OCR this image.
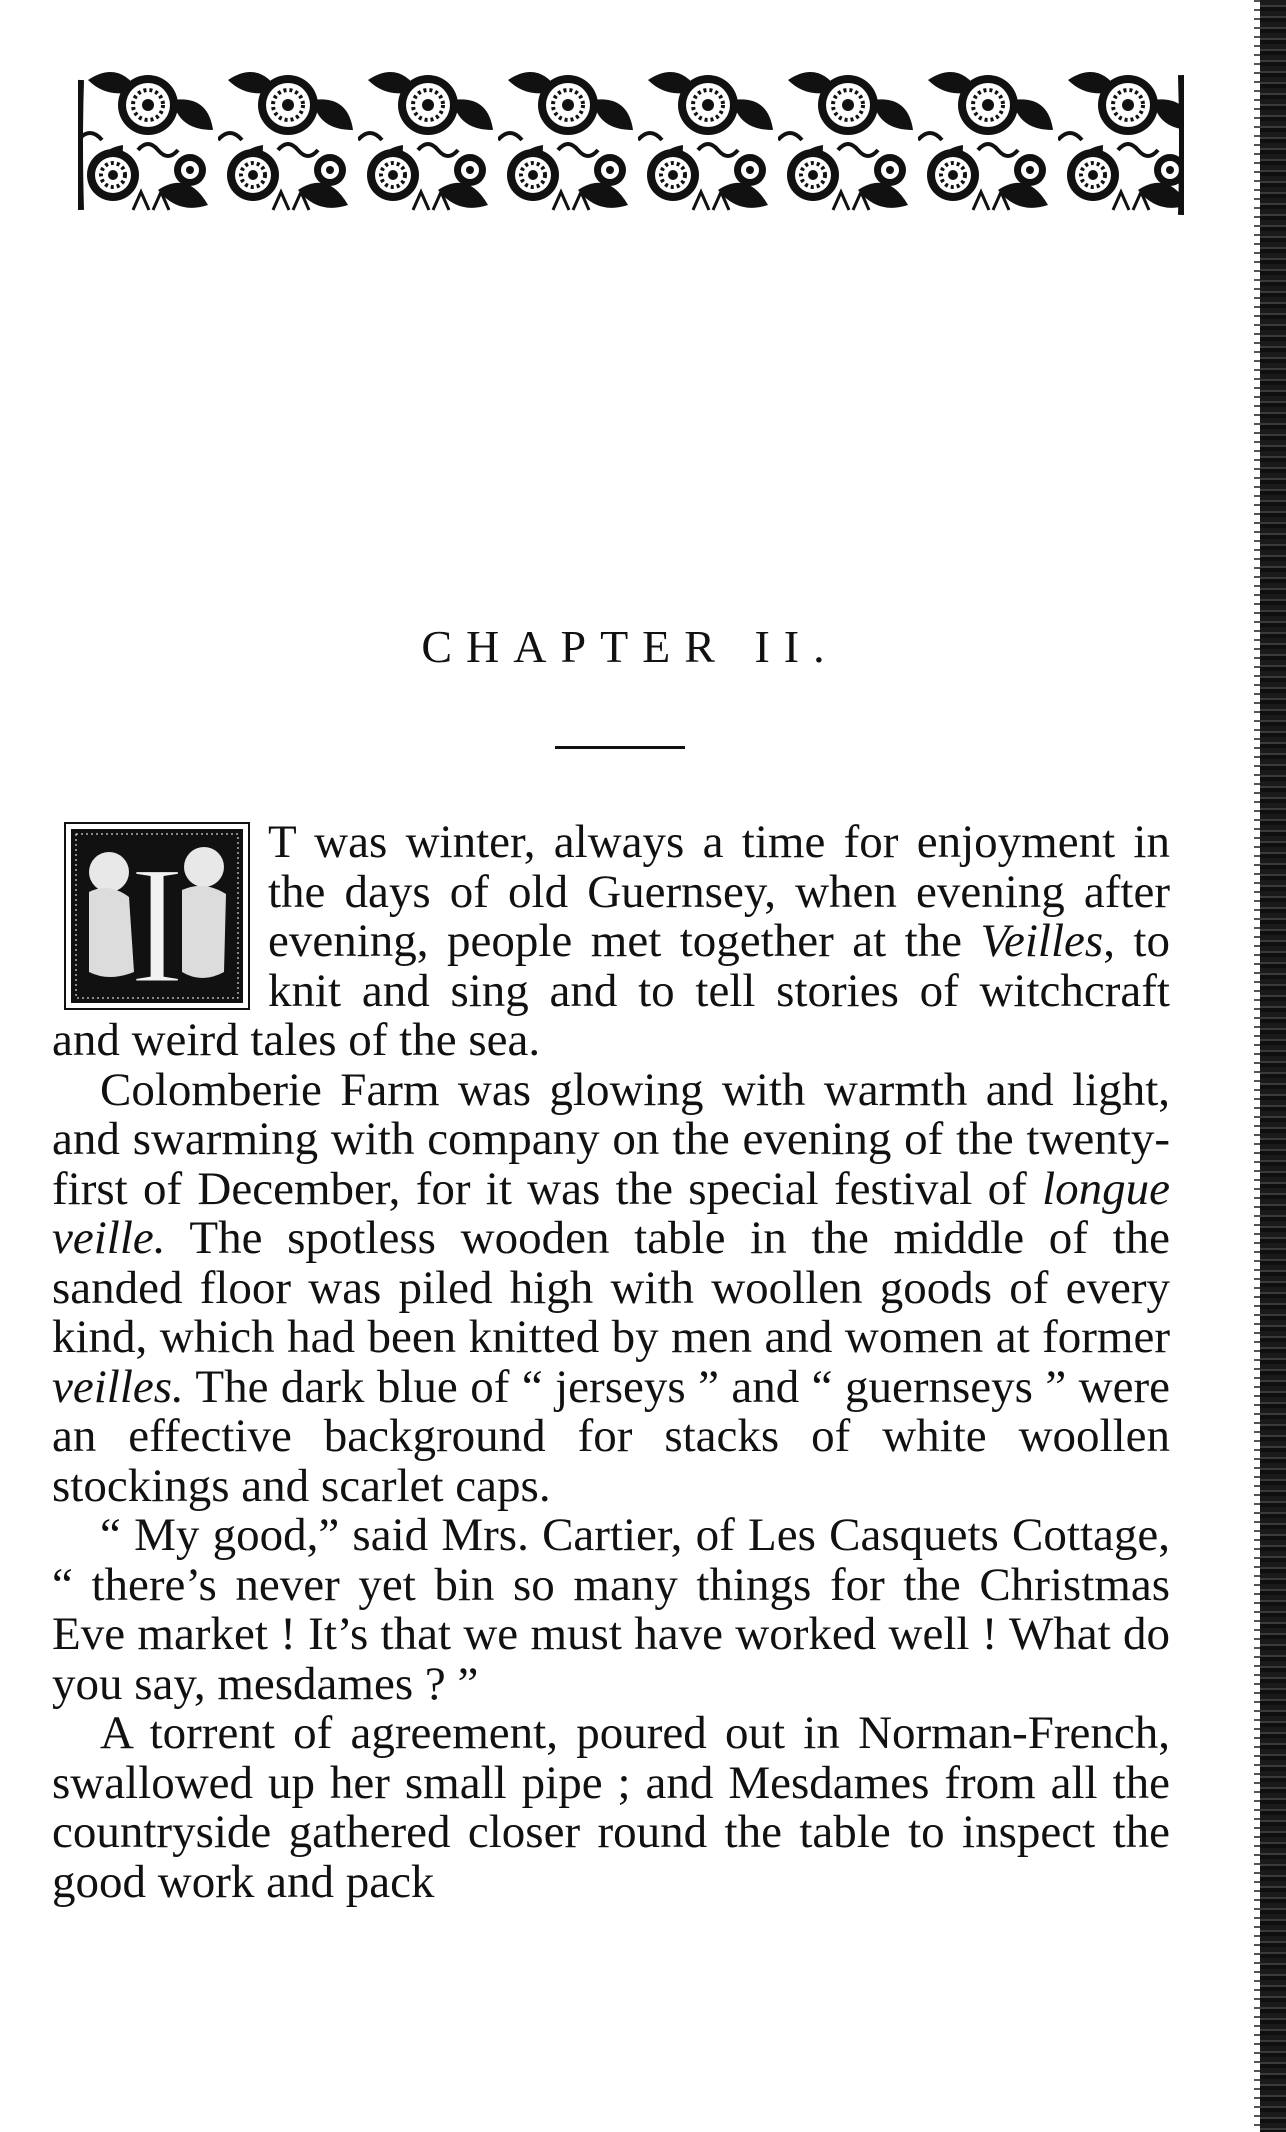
CHAPTER II.
I	T was winter, always a time for enjoyment in the days of old Guernsey, when evening after evening, people met together at the Veilles, to knit and sing and to tell stories of witchcraft and weird tales of the sea.

Colomberie Farm was glowing with warmth and light, and swarming with company on the evening of the twenty-first of December, for it was the special festival of longue veille. The spotless wooden table in the middle of the sanded floor was piled high with woollen goods of every kind, which had been knitted by men and women at former veilles. The dark blue of “ jerseys ” and “ guernseys ” were an effective background for stacks of white woollen stockings and scarlet caps.

“ My good,” said Mrs. Cartier, of Les Casquets Cottage, “ there’s never yet bin so many things for the Christmas Eve market ! It’s that we must have worked well ! What do you say, mesdames ? ”

A torrent of agreement, poured out in Norman-French, swallowed up her small pipe ; and Mesdames from all the countryside gathered closer round the table to inspect the good work and pack
